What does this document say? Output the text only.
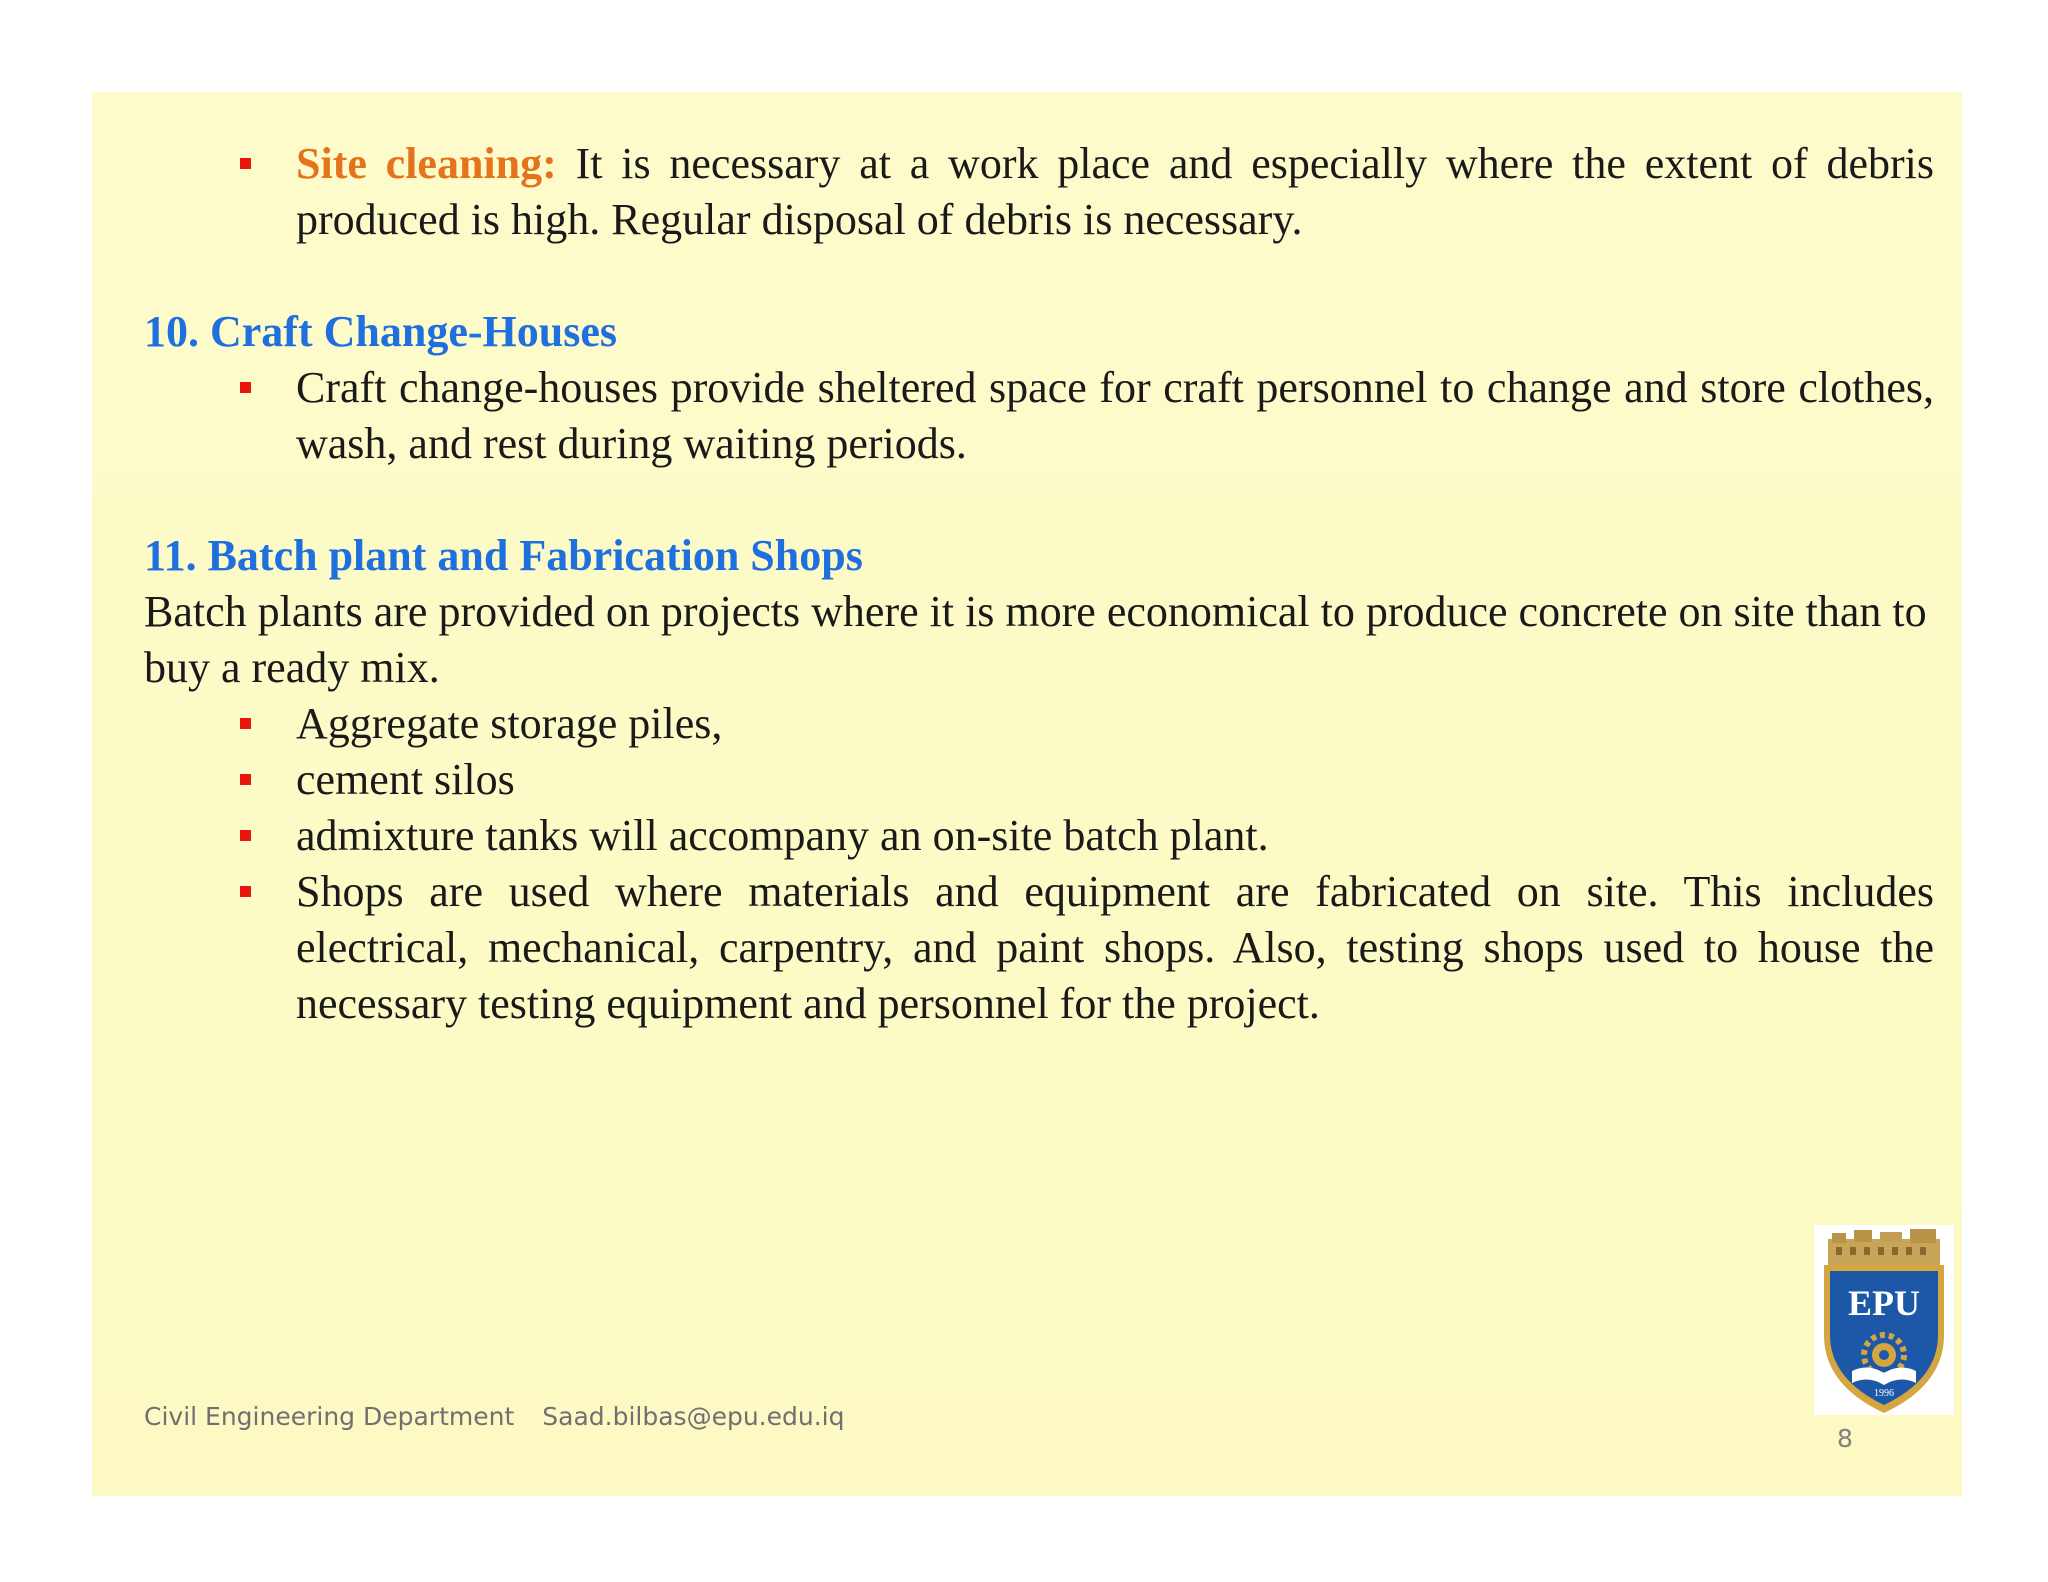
Site cleaning: It is necessary at a work place and especially where the extent of debris produced is high. Regular disposal of debris is necessary.
10. Craft Change-Houses
Craft change-houses provide sheltered space for craft personnel to change and store clothes, wash, and rest during waiting periods.
11. Batch plant and Fabrication Shops
Batch plants are provided on projects where it is more economical to produce concrete on site than to buy a ready mix.
Aggregate storage piles,
cement silos
admixture tanks will accompany an on-site batch plant.
Shops are used where materials and equipment are fabricated on site. This includes electrical, mechanical, carpentry, and paint shops. Also, testing shops used to house the necessary testing equipment and personnel for the project.
Civil Engineering Department Saad.bilbas@epu.edu.iq
8
EPU
1996
